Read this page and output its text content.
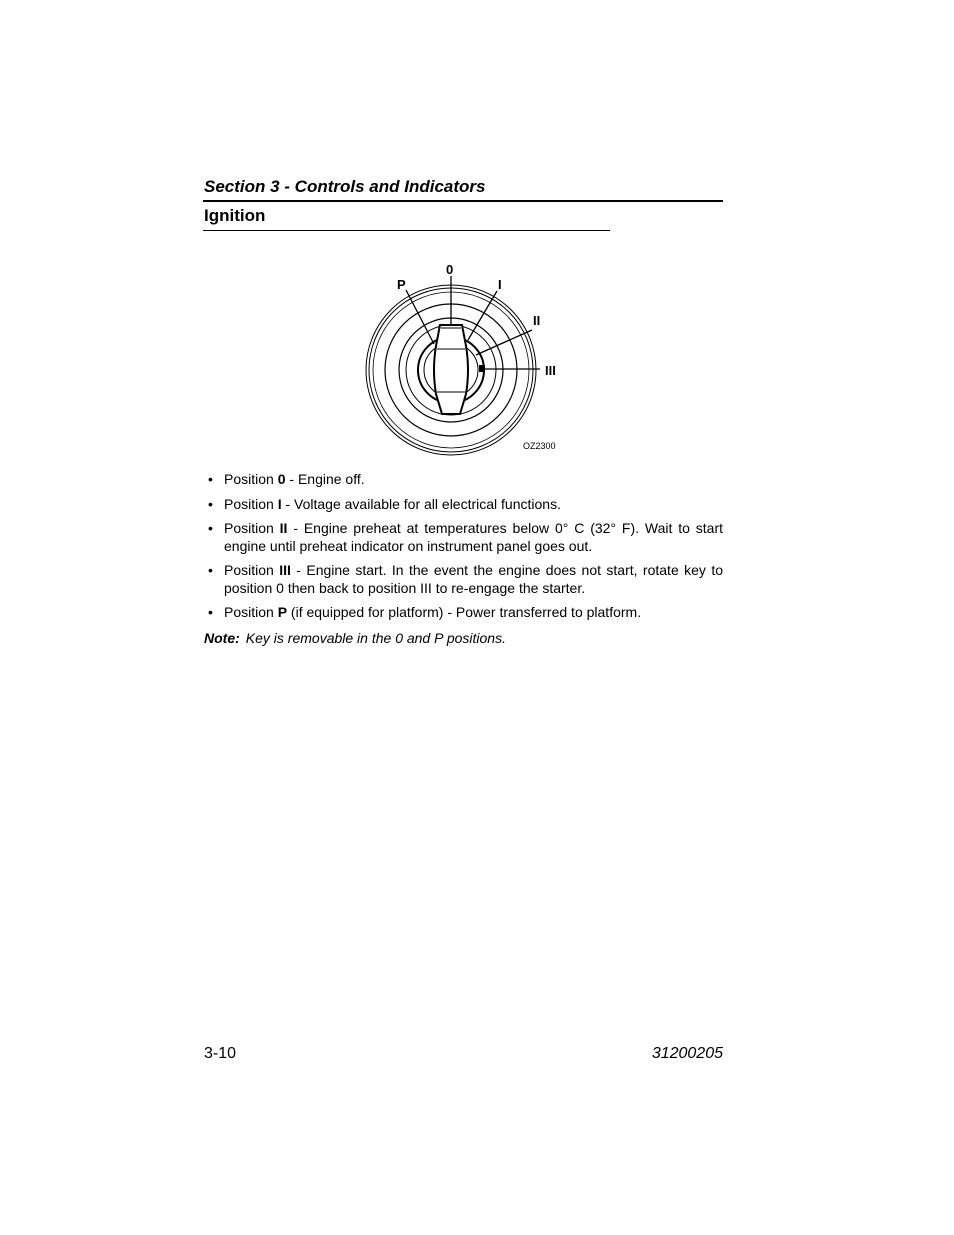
Section 3 - Controls and Indicators
Ignition
P
0
I
II
III
OZ2300
• Position 0 - Engine off.
• Position I - Voltage available for all electrical functions.
• Position II - Engine preheat at temperatures below 0° C (32° F). Wait to start engine until preheat indicator on instrument panel goes out.
• Position III - Engine start. In the event the engine does not start, rotate key to position 0 then back to position III to re-engage the starter.
• Position P (if equipped for platform) - Power transferred to platform.
Note: Key is removable in the 0 and P positions.
3-10	31200205
